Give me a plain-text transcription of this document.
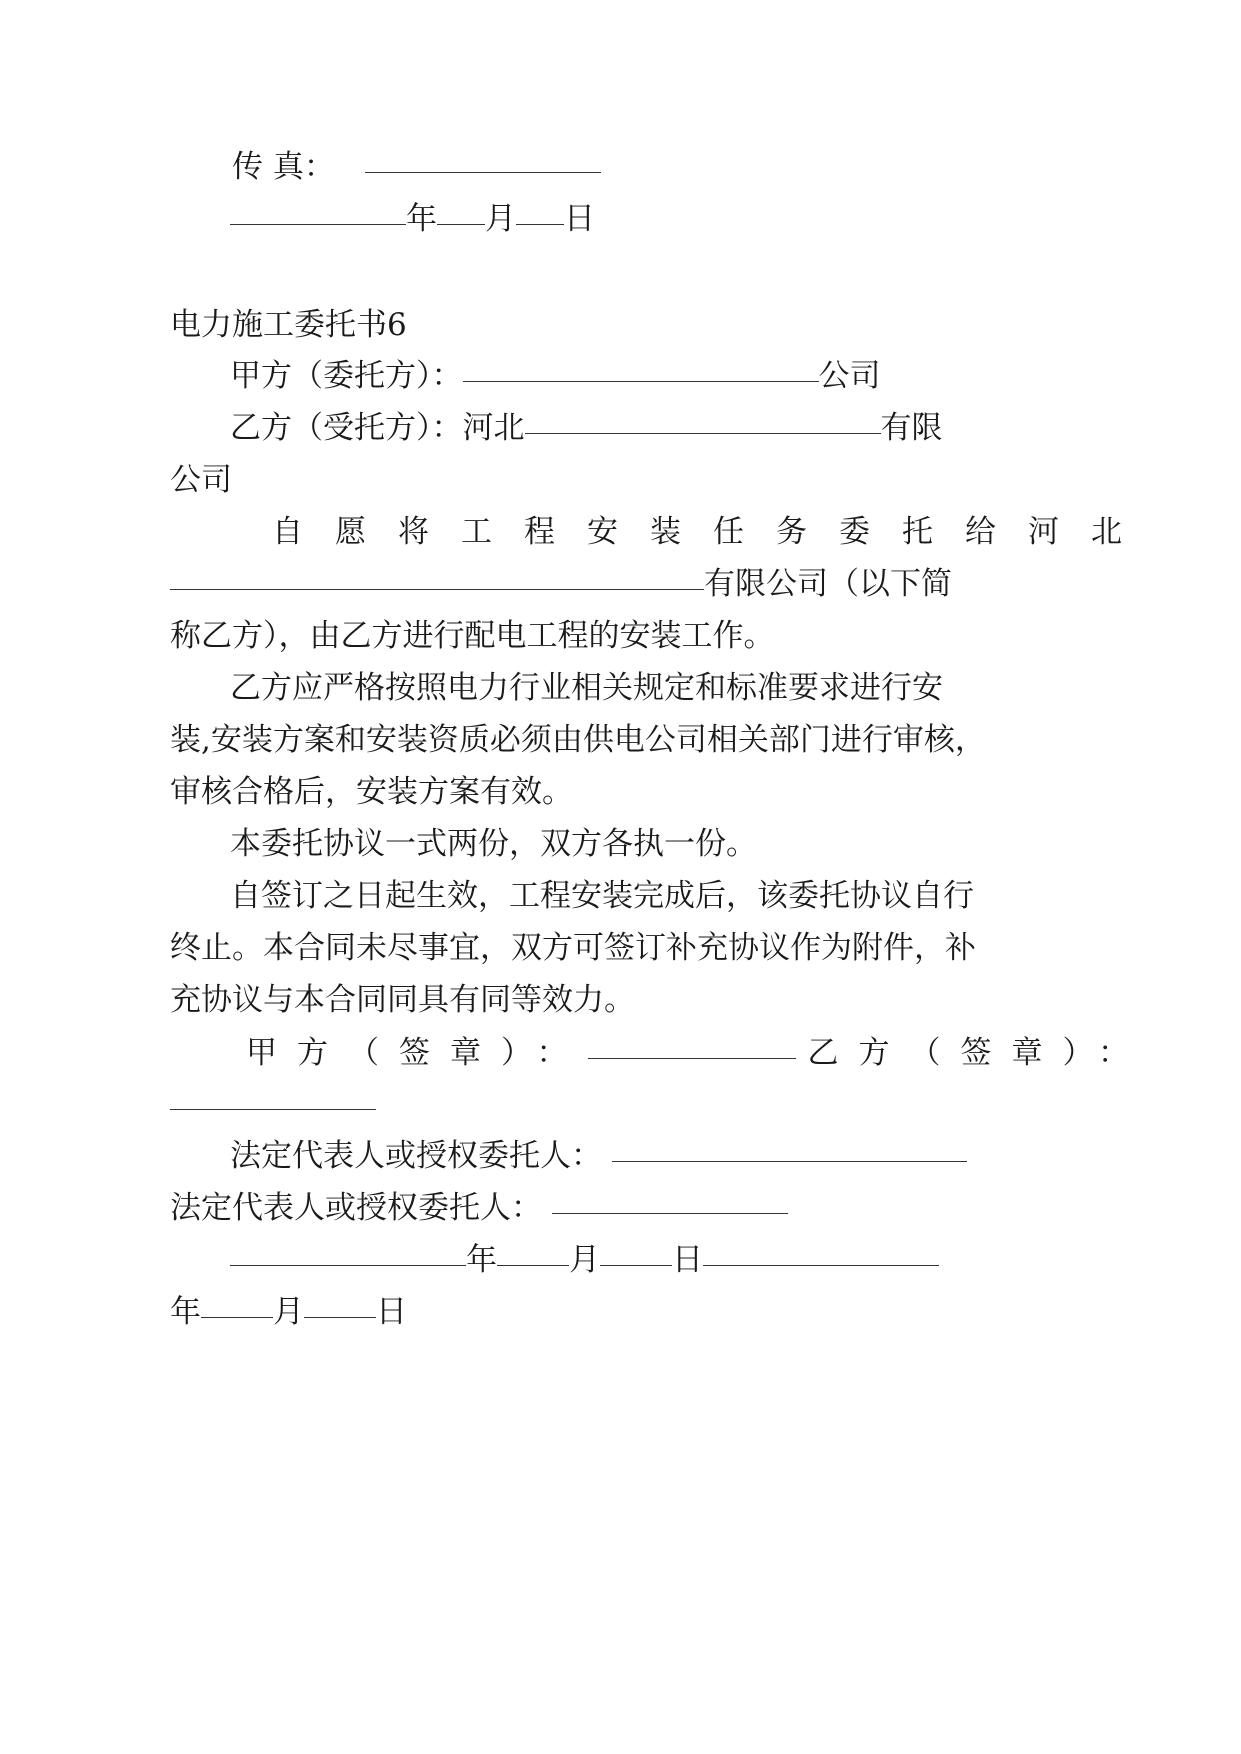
传 真：
年 月 日
电力施工委托书6
甲方（委托方）：	公司
乙方（受托方）：河北	有限
公司
自愿将工程安装任务委托给河北
有限公司（以下简
称乙方），由乙方进行配电工程的安装工作。
乙方应严格按照电力行业相关规定和标准要求进行安
装,安装方案和安装资质必须由供电公司相关部门进行审核，
审核合格后，安装方案有效。
本委托协议一式两份，双方各执一份。
自签订之日起生效，工程安装完成后，该委托协议自行
终止。本合同未尽事宜，双方可签订补充协议作为附件，补
充协议与本合同同具有同等效力。
甲方（签章）：	乙方（签章）：
法定代表人或授权委托人：
法定代表人或授权委托人：
年 月 日
年 月 日
